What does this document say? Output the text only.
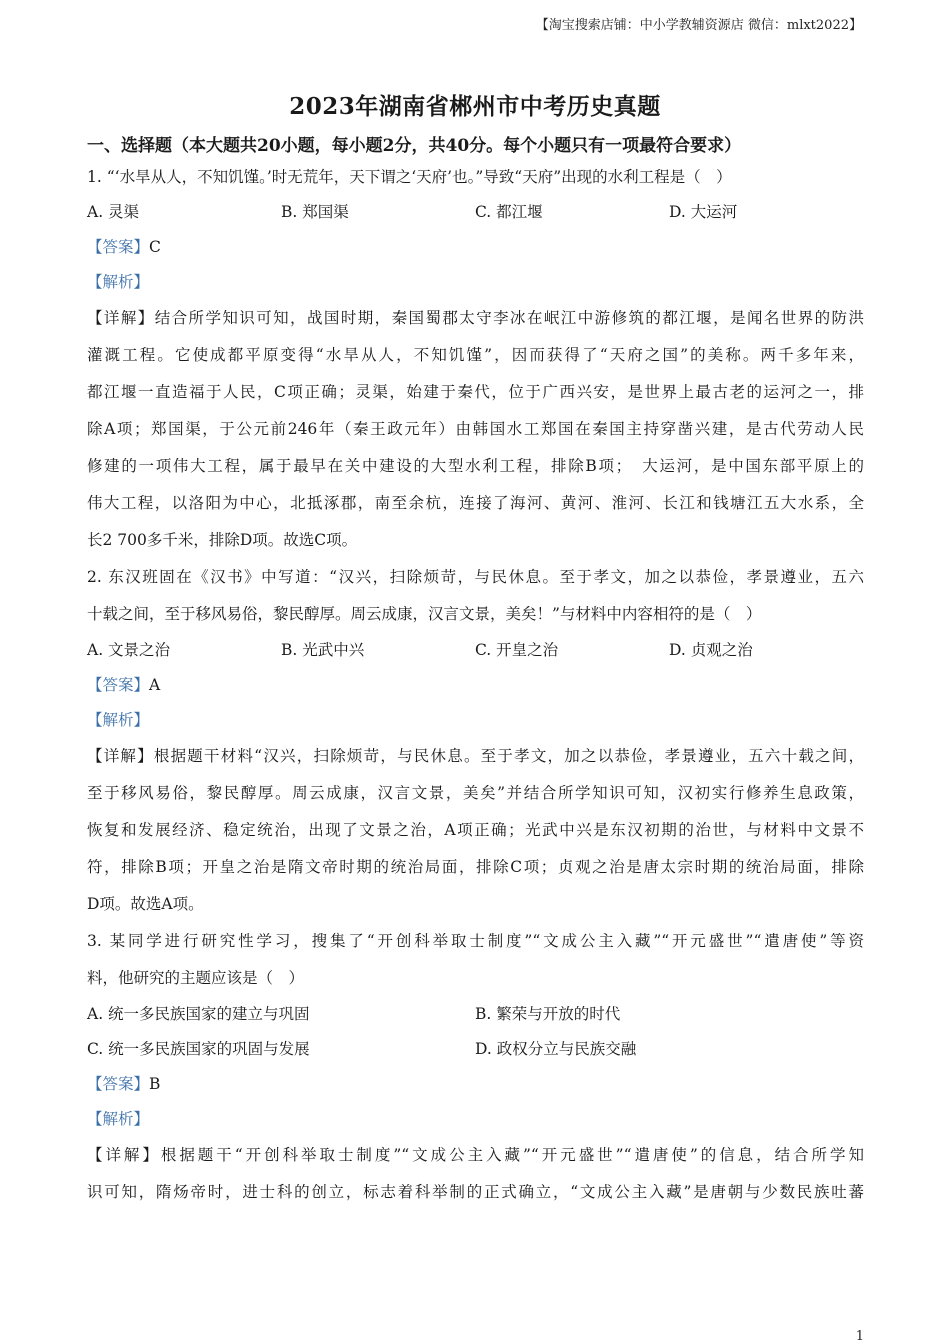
【淘宝搜索店铺：中小学教辅资源店 微信：mlxt2022】
2023年湖南省郴州市中考历史真题
一、选择题（本大题共20小题，每小题2分，共40分。每个小题只有一项最符合要求）
1. “‘水旱从人，不知饥馑。’时无荒年，天下谓之‘天府’也。”导致“天府”出现的水利工程是（　）
A. 灵渠	B. 郑国渠	C. 都江堰	D. 大运河
【答案】C
【解析】
【详解】结合所学知识可知，战国时期，秦国蜀郡太守李冰在岷江中游修筑的都江堰，是闻名世界的防洪
灌溉工程。它使成都平原变得“水旱从人，不知饥馑”，因而获得了“天府之国”的美称。两千多年来，
都江堰一直造福于人民，C项正确；灵渠，始建于秦代，位于广西兴安，是世界上最古老的运河之一，排
除A项；郑国渠，于公元前246年（秦王政元年）由韩国水工郑国在秦国主持穿凿兴建，是古代劳动人民
修建的一项伟大工程，属于最早在关中建设的大型水利工程，排除B项；　大运河，是中国东部平原上的
伟大工程，以洛阳为中心，北抵涿郡，南至余杭，连接了海河、黄河、淮河、长江和钱塘江五大水系，全
长2 700多千米，排除D项。故选C项。
2. 东汉班固在《汉书》中写道：“汉兴，扫除烦苛，与民休息。至于孝文，加之以恭俭，孝景遵业，五六
十载之间，至于移风易俗，黎民醇厚。周云成康，汉言文景，美矣！”与材料中内容相符的是（　）
A. 文景之治	B. 光武中兴	C. 开皇之治	D. 贞观之治
【答案】A
【解析】
【详解】根据题干材料“汉兴，扫除烦苛，与民休息。至于孝文，加之以恭俭，孝景遵业，五六十载之间，
至于移风易俗，黎民醇厚。周云成康，汉言文景，美矣”并结合所学知识可知，汉初实行修养生息政策，
恢复和发展经济、稳定统治，出现了文景之治，A项正确；光武中兴是东汉初期的治世，与材料中文景不
符，排除B项；开皇之治是隋文帝时期的统治局面，排除C项；贞观之治是唐太宗时期的统治局面，排除
D项。故选A项。
3. 某同学进行研究性学习，搜集了“开创科举取士制度”“文成公主入藏”“开元盛世”“遣唐使”等资
料，他研究的主题应该是（　）
A. 统一多民族国家的建立与巩固	B. 繁荣与开放的时代
C. 统一多民族国家的巩固与发展	D. 政权分立与民族交融
【答案】B
【解析】
【详解】根据题干“开创科举取士制度”“文成公主入藏”“开元盛世”“遣唐使”的信息，结合所学知
识可知，隋炀帝时，进士科的创立，标志着科举制的正式确立，“文成公主入藏”是唐朝与少数民族吐蕃
1
